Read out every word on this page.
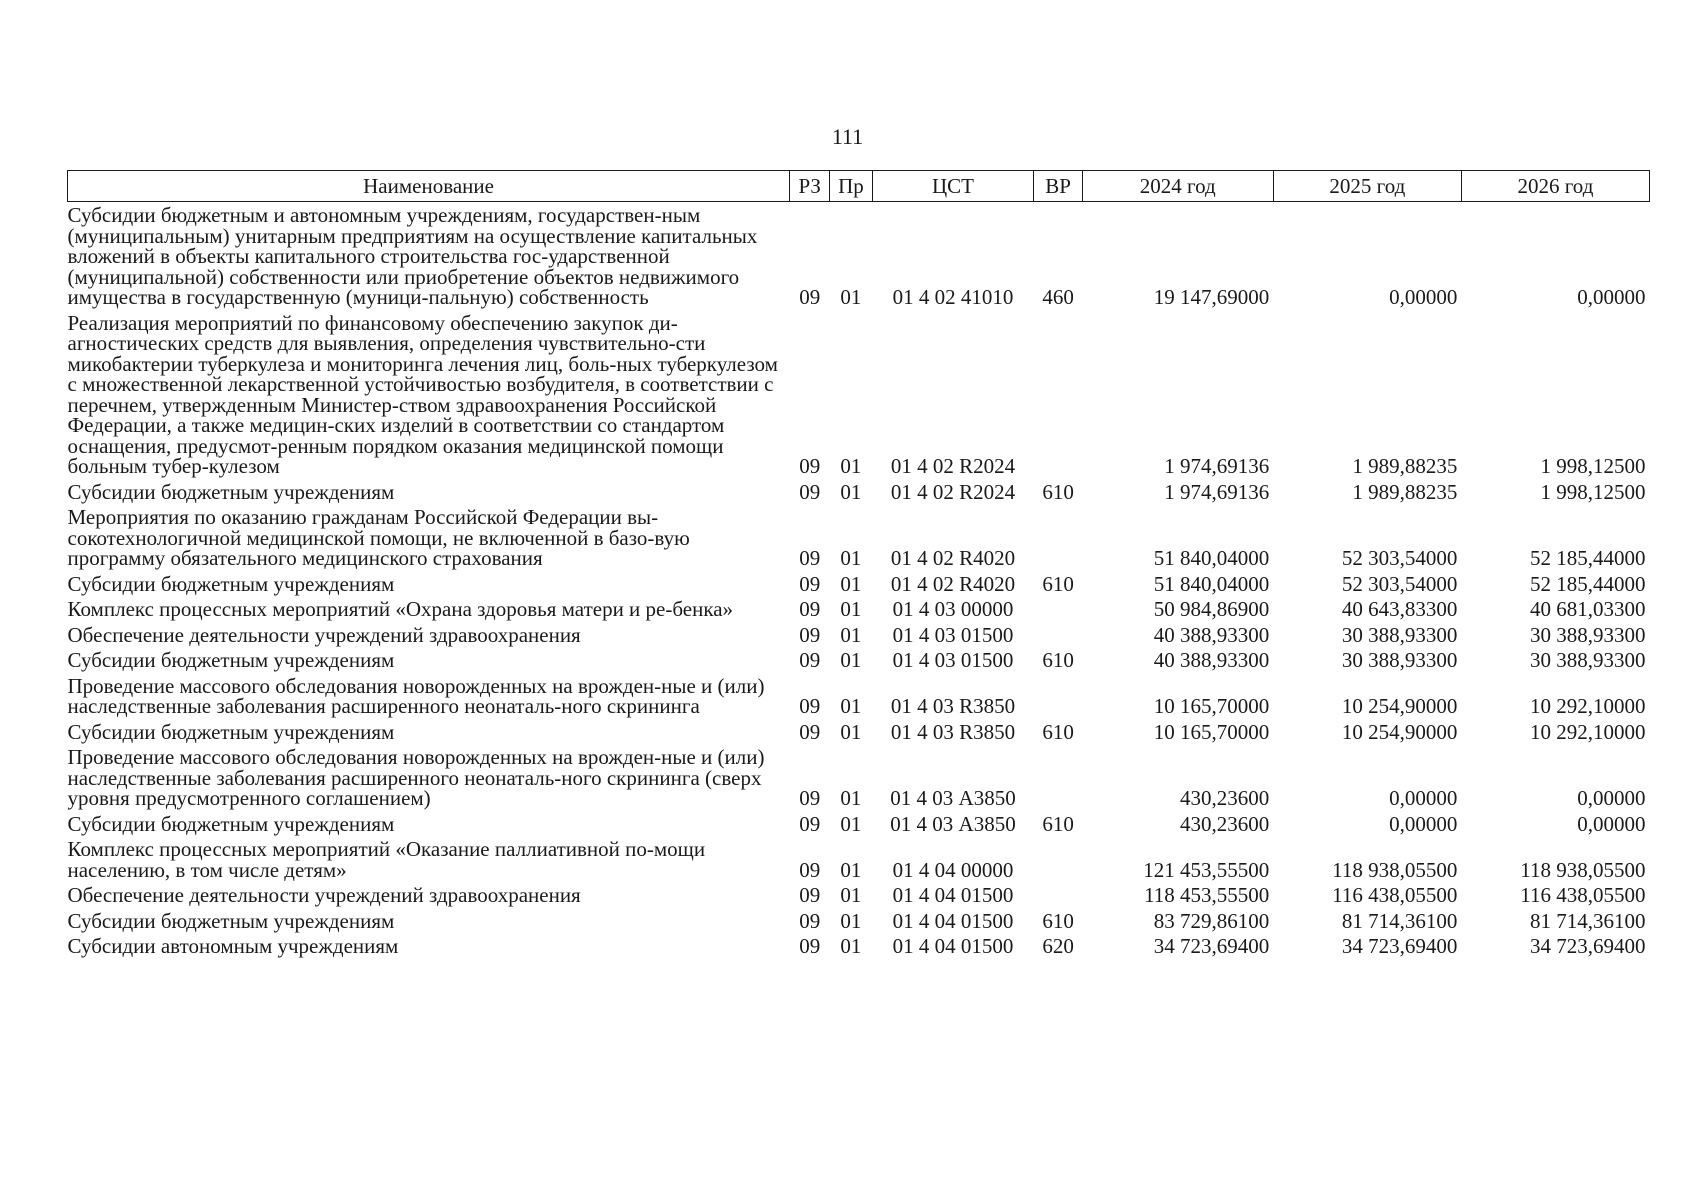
111
Наименование	РЗ	Пр	ЦСТ	ВР	2024 год	2025 год	2026 год
Субсидии бюджетным и автономным учреждениям, государствен-ным (муниципальным) унитарным предприятиям на осуществление капитальных вложений в объекты капитального строительства гос-ударственной (муниципальной) собственности или приобретение объектов недвижимого имущества в государственную (муници-пальную) собственность	09	01	01 4 02 41010	460	19 147,69000	0,00000	0,00000
Реализация мероприятий по финансовому обеспечению закупок ди-агностических средств для выявления, определения чувствительно-сти микобактерии туберкулеза и мониторинга лечения лиц, боль-ных туберкулезом с множественной лекарственной устойчивостью возбудителя, в соответствии с перечнем, утвержденным Министер-ством здравоохранения Российской Федерации, а также медицин-ских изделий в соответствии со стандартом оснащения, предусмот-ренным порядком оказания медицинской помощи больным тубер-кулезом	09	01	01 4 02 R2024		1 974,69136	1 989,88235	1 998,12500
Субсидии бюджетным учреждениям	09	01	01 4 02 R2024	610	1 974,69136	1 989,88235	1 998,12500
Мероприятия по оказанию гражданам Российской Федерации вы-сокотехнологичной медицинской помощи, не включенной в базо-вую программу обязательного медицинского страхования	09	01	01 4 02 R4020		51 840,04000	52 303,54000	52 185,44000
Субсидии бюджетным учреждениям	09	01	01 4 02 R4020	610	51 840,04000	52 303,54000	52 185,44000
Комплекс процессных мероприятий «Охрана здоровья матери и ре-бенка»	09	01	01 4 03 00000		50 984,86900	40 643,83300	40 681,03300
Обеспечение деятельности учреждений здравоохранения	09	01	01 4 03 01500		40 388,93300	30 388,93300	30 388,93300
Субсидии бюджетным учреждениям	09	01	01 4 03 01500	610	40 388,93300	30 388,93300	30 388,93300
Проведение массового обследования новорожденных на врожден-ные и (или) наследственные заболевания расширенного неонаталь-ного скрининга	09	01	01 4 03 R3850		10 165,70000	10 254,90000	10 292,10000
Субсидии бюджетным учреждениям	09	01	01 4 03 R3850	610	10 165,70000	10 254,90000	10 292,10000
Проведение массового обследования новорожденных на врожден-ные и (или) наследственные заболевания расширенного неонаталь-ного скрининга (сверх уровня предусмотренного соглашением)	09	01	01 4 03 А3850		430,23600	0,00000	0,00000
Субсидии бюджетным учреждениям	09	01	01 4 03 А3850	610	430,23600	0,00000	0,00000
Комплекс процессных мероприятий «Оказание паллиативной по-мощи населению, в том числе детям»	09	01	01 4 04 00000		121 453,55500	118 938,05500	118 938,05500
Обеспечение деятельности учреждений здравоохранения	09	01	01 4 04 01500		118 453,55500	116 438,05500	116 438,05500
Субсидии бюджетным учреждениям	09	01	01 4 04 01500	610	83 729,86100	81 714,36100	81 714,36100
Субсидии автономным учреждениям	09	01	01 4 04 01500	620	34 723,69400	34 723,69400	34 723,69400
